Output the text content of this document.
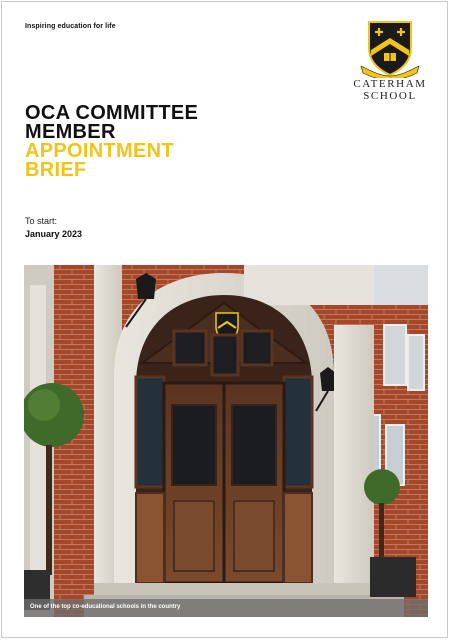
Inspiring education for life
CATERHAM
SCHOOL
OCA COMMITTEE
MEMBER
APPOINTMENT
BRIEF
To start:
January 2023
One of the top co-educational schools in the country
